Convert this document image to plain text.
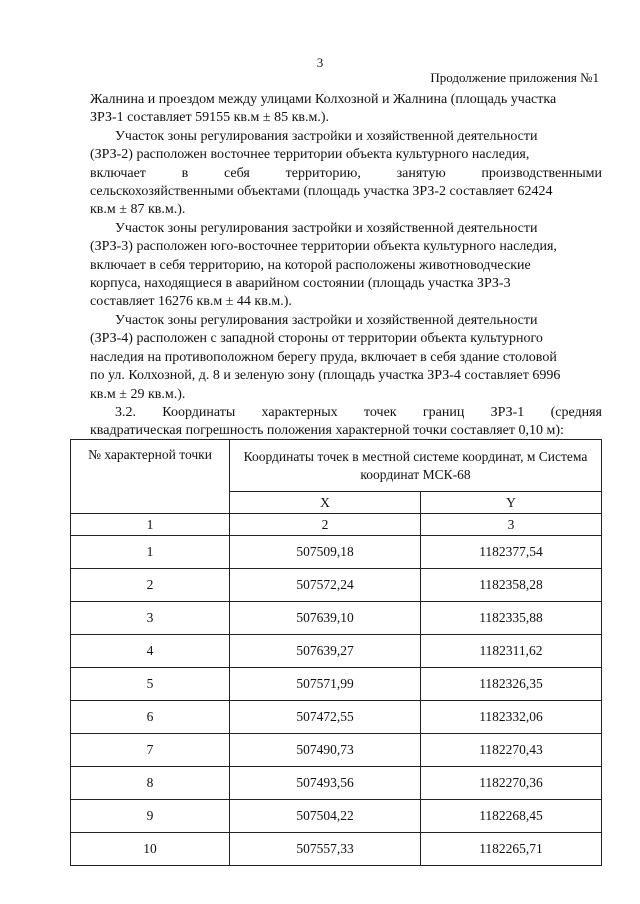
3
Продолжение приложения №1
Жалнина и проездом между улицами Колхозной и Жалнина (площадь участка
ЗРЗ-1 составляет 59155 кв.м ± 85 кв.м.).
Участок зоны регулирования застройки и хозяйственной деятельности
(ЗРЗ-2) расположен восточнее территории объекта культурного наследия,
включает в себя территорию, занятую производственными
сельскохозяйственными объектами (площадь участка ЗРЗ-2 составляет 62424
кв.м ± 87 кв.м.).
Участок зоны регулирования застройки и хозяйственной деятельности
(ЗРЗ-3) расположен юго-восточнее территории объекта культурного наследия,
включает в себя территорию, на которой расположены животноводческие
корпуса, находящиеся в аварийном состоянии (площадь участка ЗРЗ-3
составляет 16276 кв.м ± 44 кв.м.).
Участок зоны регулирования застройки и хозяйственной деятельности
(ЗРЗ-4) расположен с западной стороны от территории объекта культурного
наследия на противоположном берегу пруда, включает в себя здание столовой
по ул. Колхозной, д. 8 и зеленую зону (площадь участка ЗРЗ-4 составляет 6996
кв.м ± 29 кв.м.).
3.2. Координаты характерных точек границ ЗРЗ-1 (средняя
квадратическая погрешность положения характерной точки составляет 0,10 м):
№ характерной точки	Координаты точек в местной системе координат, м Система координат МСК-68	
	X	Y
1	2	3
1	507509,18	1182377,54
2	507572,24	1182358,28
3	507639,10	1182335,88
4	507639,27	1182311,62
5	507571,99	1182326,35
6	507472,55	1182332,06
7	507490,73	1182270,43
8	507493,56	1182270,36
9	507504,22	1182268,45
10	507557,33	1182265,71
